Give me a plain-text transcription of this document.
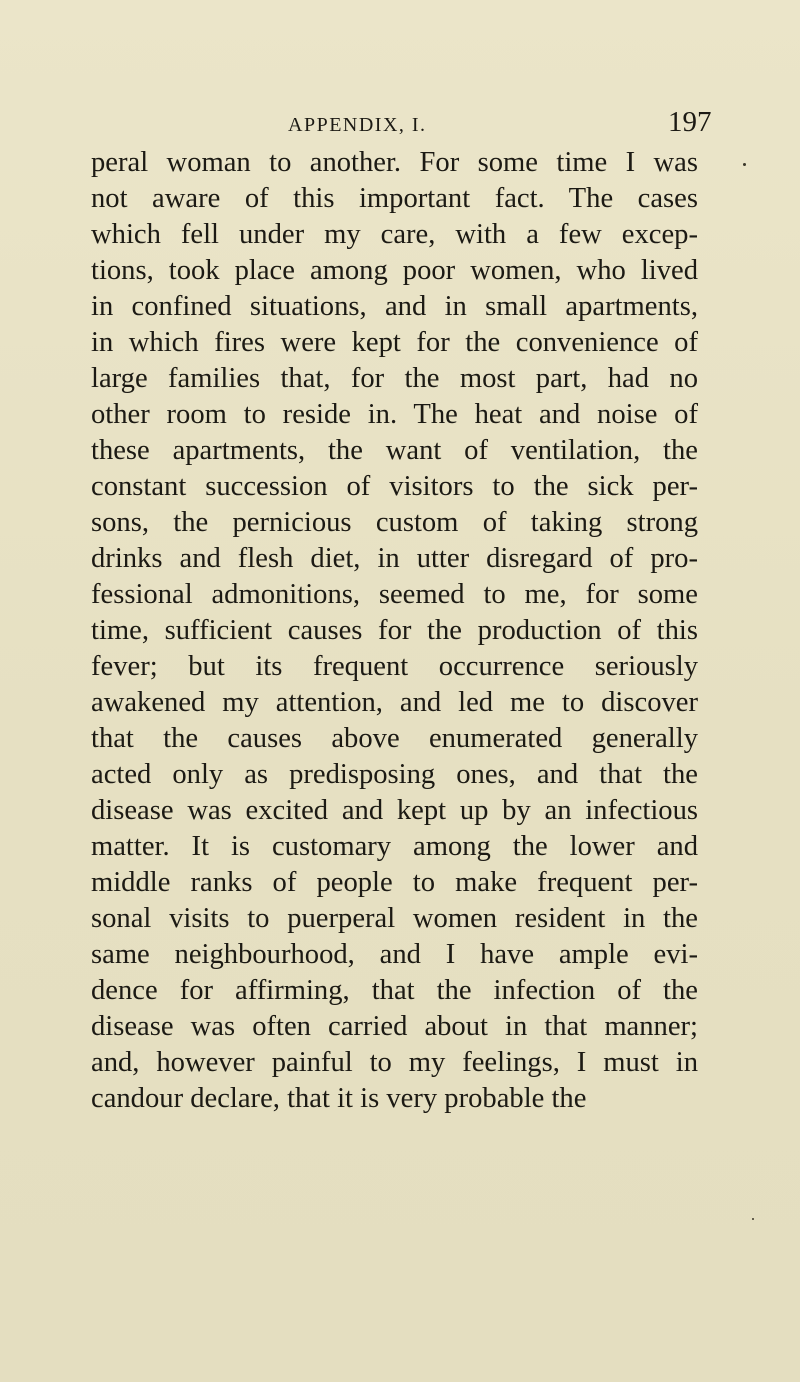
APPENDIX, I.	197
peral woman to another. For some time I was
not aware of this important fact. The cases
which fell under my care, with a few excep-
tions, took place among poor women, who lived
in confined situations, and in small apartments,
in which fires were kept for the convenience of
large families that, for the most part, had no
other room to reside in. The heat and noise of
these apartments, the want of ventilation, the
constant succession of visitors to the sick per-
sons, the pernicious custom of taking strong
drinks and flesh diet, in utter disregard of pro-
fessional admonitions, seemed to me, for some
time, sufficient causes for the production of this
fever; but its frequent occurrence seriously
awakened my attention, and led me to discover
that the causes above enumerated generally
acted only as predisposing ones, and that the
disease was excited and kept up by an infectious
matter. It is customary among the lower and
middle ranks of people to make frequent per-
sonal visits to puerperal women resident in the
same neighbourhood, and I have ample evi-
dence for affirming, that the infection of the
disease was often carried about in that manner;
and, however painful to my feelings, I must in
candour declare, that it is very probable the
